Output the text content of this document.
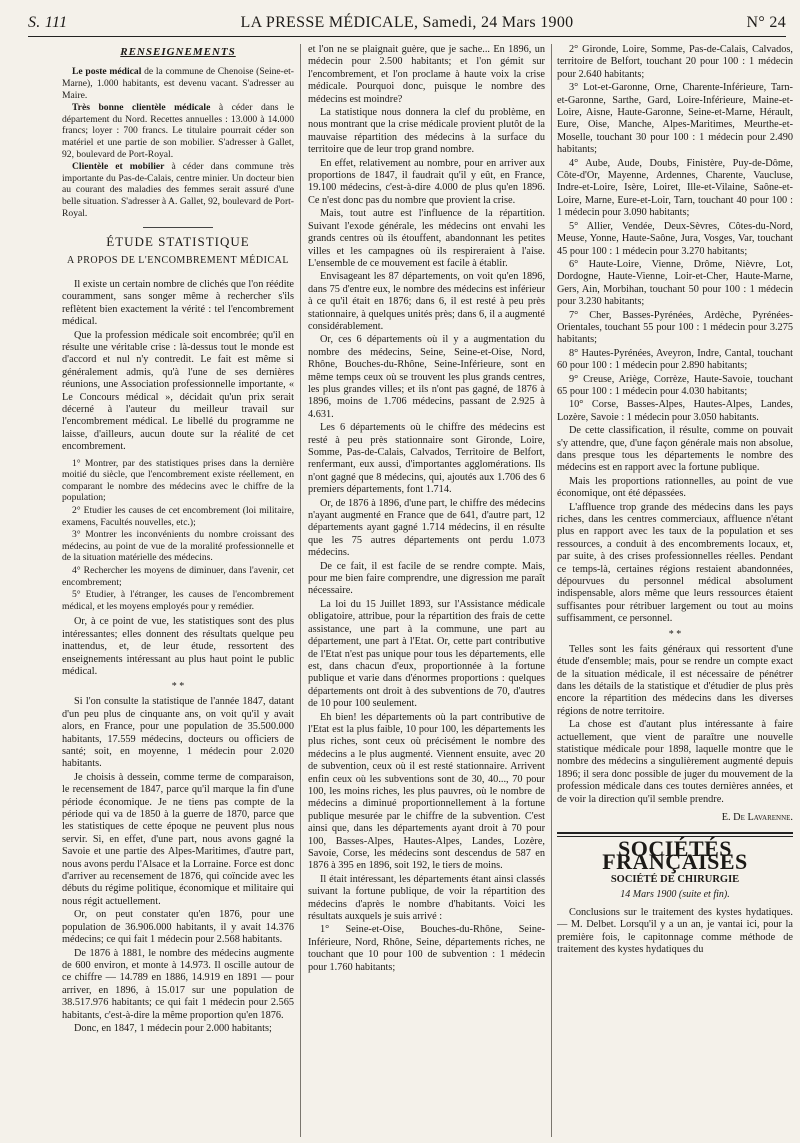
S. 111	LA PRESSE MÉDICALE, Samedi, 24 Mars 1900	N° 24
RENSEIGNEMENTS

Le poste médical de la commune de Chenoise (Seine-et-Marne), 1.000 habitants, est devenu vacant. S'adresser au Maire.

Très bonne clientèle médicale à céder dans le département du Nord. Recettes annuelles : 13.000 à 14.000 francs; loyer : 700 francs. Le titulaire pourrait céder son matériel et une partie de son mobilier. S'adresser à Gallet, 92, boulevard de Port-Royal.

Clientèle et mobilier à céder dans commune très importante du Pas-de-Calais, centre minier. Un docteur bien au courant des maladies des femmes serait assuré d'une belle situation. S'adresser à A. Gallet, 92, boulevard de Port-Royal.

ÉTUDE STATISTIQUE
A PROPOS DE L'ENCOMBREMENT MÉDICAL

Il existe un certain nombre de clichés que l'on réédite couramment, sans songer même à rechercher s'ils reflètent bien exactement la vérité : tel l'encombrement médical.

Que la profession médicale soit encombrée; qu'il en résulte une véritable crise : là-dessus tout le monde est d'accord et nul n'y contredit. Le fait est même si généralement admis, qu'à l'une de ses dernières réunions, une Association professionnelle importante, « Le Concours médical », décidait qu'un prix serait décerné à l'auteur du meilleur travail sur l'encombrement médical. Le libellé du programme ne laisse, d'ailleurs, aucun doute sur la réalité de cet encombrement.

1° Montrer, par des statistiques prises dans la dernière moitié du siècle, que l'encombrement existe réellement, en comparant le nombre des médecins avec le chiffre de la population;

2° Etudier les causes de cet encombrement (loi militaire, examens, Facultés nouvelles, etc.);

3° Montrer les inconvénients du nombre croissant des médecins, au point de vue de la moralité professionnelle et de la situation matérielle des médecins.

4° Rechercher les moyens de diminuer, dans l'avenir, cet encombrement;

5° Etudier, à l'étranger, les causes de l'encombrement médical, et les moyens employés pour y remédier.

Or, à ce point de vue, les statistiques sont des plus intéressantes; elles donnent des résultats quelque peu inattendus, et, de leur étude, ressortent des enseignements intéressant au plus haut point le public médical.

* *

Si l'on consulte la statistique de l'année 1847, datant d'un peu plus de cinquante ans, on voit qu'il y avait alors, en France, pour une population de 35.500.000 habitants, 17.559 médecins, docteurs ou officiers de santé; soit, en moyenne, 1 médecin pour 2.020 habitants.

Je choisis à dessein, comme terme de comparaison, le recensement de 1847, parce qu'il marque la fin d'une période économique. Je ne tiens pas compte de la période qui va de 1850 à la guerre de 1870, parce que les statistiques de cette époque ne peuvent plus nous servir. Si, en effet, d'une part, nous avons gagné la Savoie et une partie des Alpes-Maritimes, d'autre part, nous avons perdu l'Alsace et la Lorraine. Force est donc d'arriver au recensement de 1876, qui coïncide avec les débuts du régime politique, économique et militaire qui nous régit actuellement.

Or, on peut constater qu'en 1876, pour une population de 36.906.000 habitants, il y avait 14.376 médecins; ce qui fait 1 médecin pour 2.568 habitants.

De 1876 à 1881, le nombre des médecins augmente de 600 environ, et monte à 14.973. Il oscille autour de ce chiffre — 14.789 en 1886, 14.919 en 1891 — pour arriver, en 1896, à 15.017 sur une population de 38.517.976 habitants; ce qui fait 1 médecin pour 2.565 habitants, c'est-à-dire la même proportion qu'en 1876.

Donc, en 1847, 1 médecin pour 2.000 habitants;

et l'on ne se plaignait guère, que je sache... En 1896, un médecin pour 2.500 habitants; et l'on gémit sur l'encombrement, et l'on proclame à haute voix la crise médicale. Pourquoi donc, puisque le nombre des médecins est moindre?

La statistique nous donnera la clef du problème, en nous montrant que la crise médicale provient plutôt de la mauvaise répartition des médecins à la surface du territoire que de leur trop grand nombre.

En effet, relativement au nombre, pour en arriver aux proportions de 1847, il faudrait qu'il y eût, en France, 19.100 médecins, c'est-à-dire 4.000 de plus qu'en 1896. Ce n'est donc pas du nombre que provient la crise.

Mais, tout autre est l'influence de la répartition. Suivant l'exode générale, les médecins ont envahi les grands centres où ils étouffent, abandonnant les petites villes et les campagnes où ils respireraient à l'aise. L'ensemble de ce mouvement est facile à établir.

Envisageant les 87 départements, on voit qu'en 1896, dans 75 d'entre eux, le nombre des médecins est inférieur à ce qu'il était en 1876; dans 6, il est resté à peu près stationnaire, à quelques unités près; dans 6, il a augmenté considérablement.

Or, ces 6 départements où il y a augmentation du nombre des médecins, Seine, Seine-et-Oise, Nord, Rhône, Bouches-du-Rhône, Seine-Inférieure, sont en même temps ceux où se trouvent les plus grands centres, les plus grandes villes; et ils n'ont pas gagné, de 1876 à 1896, moins de 1.706 médecins, passant de 2.925 à 4.631.

Les 6 départements où le chiffre des médecins est resté à peu près stationnaire sont Gironde, Loire, Somme, Pas-de-Calais, Calvados, Territoire de Belfort, renfermant, eux aussi, d'importantes agglomérations. Ils n'ont gagné que 8 médecins, qui, ajoutés aux 1.706 des 6 premiers départements, font 1.714.

Or, de 1876 à 1896, d'une part, le chiffre des médecins n'ayant augmenté en France que de 641, d'autre part, 12 départements ayant gagné 1.714 médecins, il en résulte que les 75 autres départements ont perdu 1.073 médecins.

De ce fait, il est facile de se rendre compte. Mais, pour me bien faire comprendre, une digression me paraît nécessaire.

La loi du 15 Juillet 1893, sur l'Assistance médicale obligatoire, attribue, pour la répartition des frais de cette assistance, une part à la commune, une part au département, une part à l'Etat. Or, cette part contributive de l'Etat n'est pas unique pour tous les départements, elle est, dans chacun d'eux, proportionnée à la fortune publique et varie dans d'énormes proportions : quelques départements ont droit à des subventions de 70, d'autres de 10 pour 100 seulement.

Eh bien! les départements où la part contributive de l'Etat est la plus faible, 10 pour 100, les départements les plus riches, sont ceux où précisément le nombre des médecins a le plus augmenté. Viennent ensuite, avec 20 de subvention, ceux où il est resté stationnaire. Arrivent enfin ceux où les subventions sont de 30, 40..., 70 pour 100, les moins riches, les plus pauvres, où le nombre de médecins a diminué proportionnellement à la fortune publique mesurée par le chiffre de la subvention. C'est ainsi que, dans les départements ayant droit à 70 pour 100, Basses-Alpes, Hautes-Alpes, Landes, Lozère, Savoie, Corse, les médecins sont descendus de 587 en 1876 à 395 en 1896, soit 192, le tiers de moins.

Il était intéressant, les départements étant ainsi classés suivant la fortune publique, de voir la répartition des médecins d'après le nombre d'habitants. Voici les résultats auxquels je suis arrivé :

1° Seine-et-Oise, Bouches-du-Rhône, Seine-Inférieure, Nord, Rhône, Seine, départements riches, ne touchant que 10 pour 100 de subvention : 1 médecin pour 1.760 habitants;

2° Gironde, Loire, Somme, Pas-de-Calais, Calvados, territoire de Belfort, touchant 20 pour 100 : 1 médecin pour 2.640 habitants;

3° Lot-et-Garonne, Orne, Charente-Inférieure, Tarn-et-Garonne, Sarthe, Gard, Loire-Inférieure, Maine-et-Loire, Aisne, Haute-Garonne, Seine-et-Marne, Hérault, Eure, Oise, Manche, Alpes-Maritimes, Meurthe-et-Moselle, touchant 30 pour 100 : 1 médecin pour 2.490 habitants;

4° Aube, Aude, Doubs, Finistère, Puy-de-Dôme, Côte-d'Or, Mayenne, Ardennes, Charente, Vaucluse, Indre-et-Loire, Isère, Loiret, Ille-et-Vilaine, Saône-et-Loire, Marne, Eure-et-Loir, Tarn, touchant 40 pour 100 : 1 médecin pour 3.090 habitants;

5° Allier, Vendée, Deux-Sèvres, Côtes-du-Nord, Meuse, Yonne, Haute-Saône, Jura, Vosges, Var, touchant 45 pour 100 : 1 médecin pour 3.270 habitants;

6° Haute-Loire, Vienne, Drôme, Nièvre, Lot, Dordogne, Haute-Vienne, Loir-et-Cher, Haute-Marne, Gers, Ain, Morbihan, touchant 50 pour 100 : 1 médecin pour 3.230 habitants;

7° Cher, Basses-Pyrénées, Ardèche, Pyrénées-Orientales, touchant 55 pour 100 : 1 médecin pour 3.275 habitants;

8° Hautes-Pyrénées, Aveyron, Indre, Cantal, touchant 60 pour 100 : 1 médecin pour 2.890 habitants;

9° Creuse, Ariège, Corrèze, Haute-Savoie, touchant 65 pour 100 : 1 médecin pour 4.030 habitants;

10° Corse, Basses-Alpes, Hautes-Alpes, Landes, Lozère, Savoie : 1 médecin pour 3.050 habitants.

De cette classification, il résulte, comme on pouvait s'y attendre, que, d'une façon générale mais non absolue, dans presque tous les départements le nombre des médecins est en rapport avec la fortune publique.

Mais les proportions rationnelles, au point de vue économique, ont été dépassées.

L'affluence trop grande des médecins dans les pays riches, dans les centres commerciaux, affluence n'étant plus en rapport avec les taux de la population et ses ressources, a conduit à des encombrements locaux, et, par suite, à des crises professionnelles réelles. Pendant ce temps-là, certaines régions restaient abandonnées, dépourvues du personnel médical absolument indispensable, alors même que leurs ressources étaient suffisantes pour rétribuer largement ou tout au moins suffisamment, ce personnel.

* *

Telles sont les faits généraux qui ressortent d'une étude d'ensemble; mais, pour se rendre un compte exact de la situation médicale, il est nécessaire de pénétrer dans les détails de la statistique et d'étudier de plus près encore la répartition des médecins dans les diverses régions de notre territoire.

La chose est d'autant plus intéressante à faire actuellement, que vient de paraître une nouvelle statistique médicale pour 1898, laquelle montre que le nombre des médecins a singulièrement augmenté depuis 1896; il sera donc possible de juger du mouvement de la profession médicale dans ces toutes dernières années, et de voir la direction qu'il semble prendre.

E. De Lavarenne.
SOCIÉTÉS FRANÇAISES
SOCIÉTÉ DE CHIRURGIE
14 Mars 1900 (suite et fin).

Conclusions sur le traitement des kystes hydatiques. — M. Delbet. Lorsqu'il y a un an, je vantai ici, pour la première fois, le capitonnage comme méthode de traitement des kystes hydatiques du
